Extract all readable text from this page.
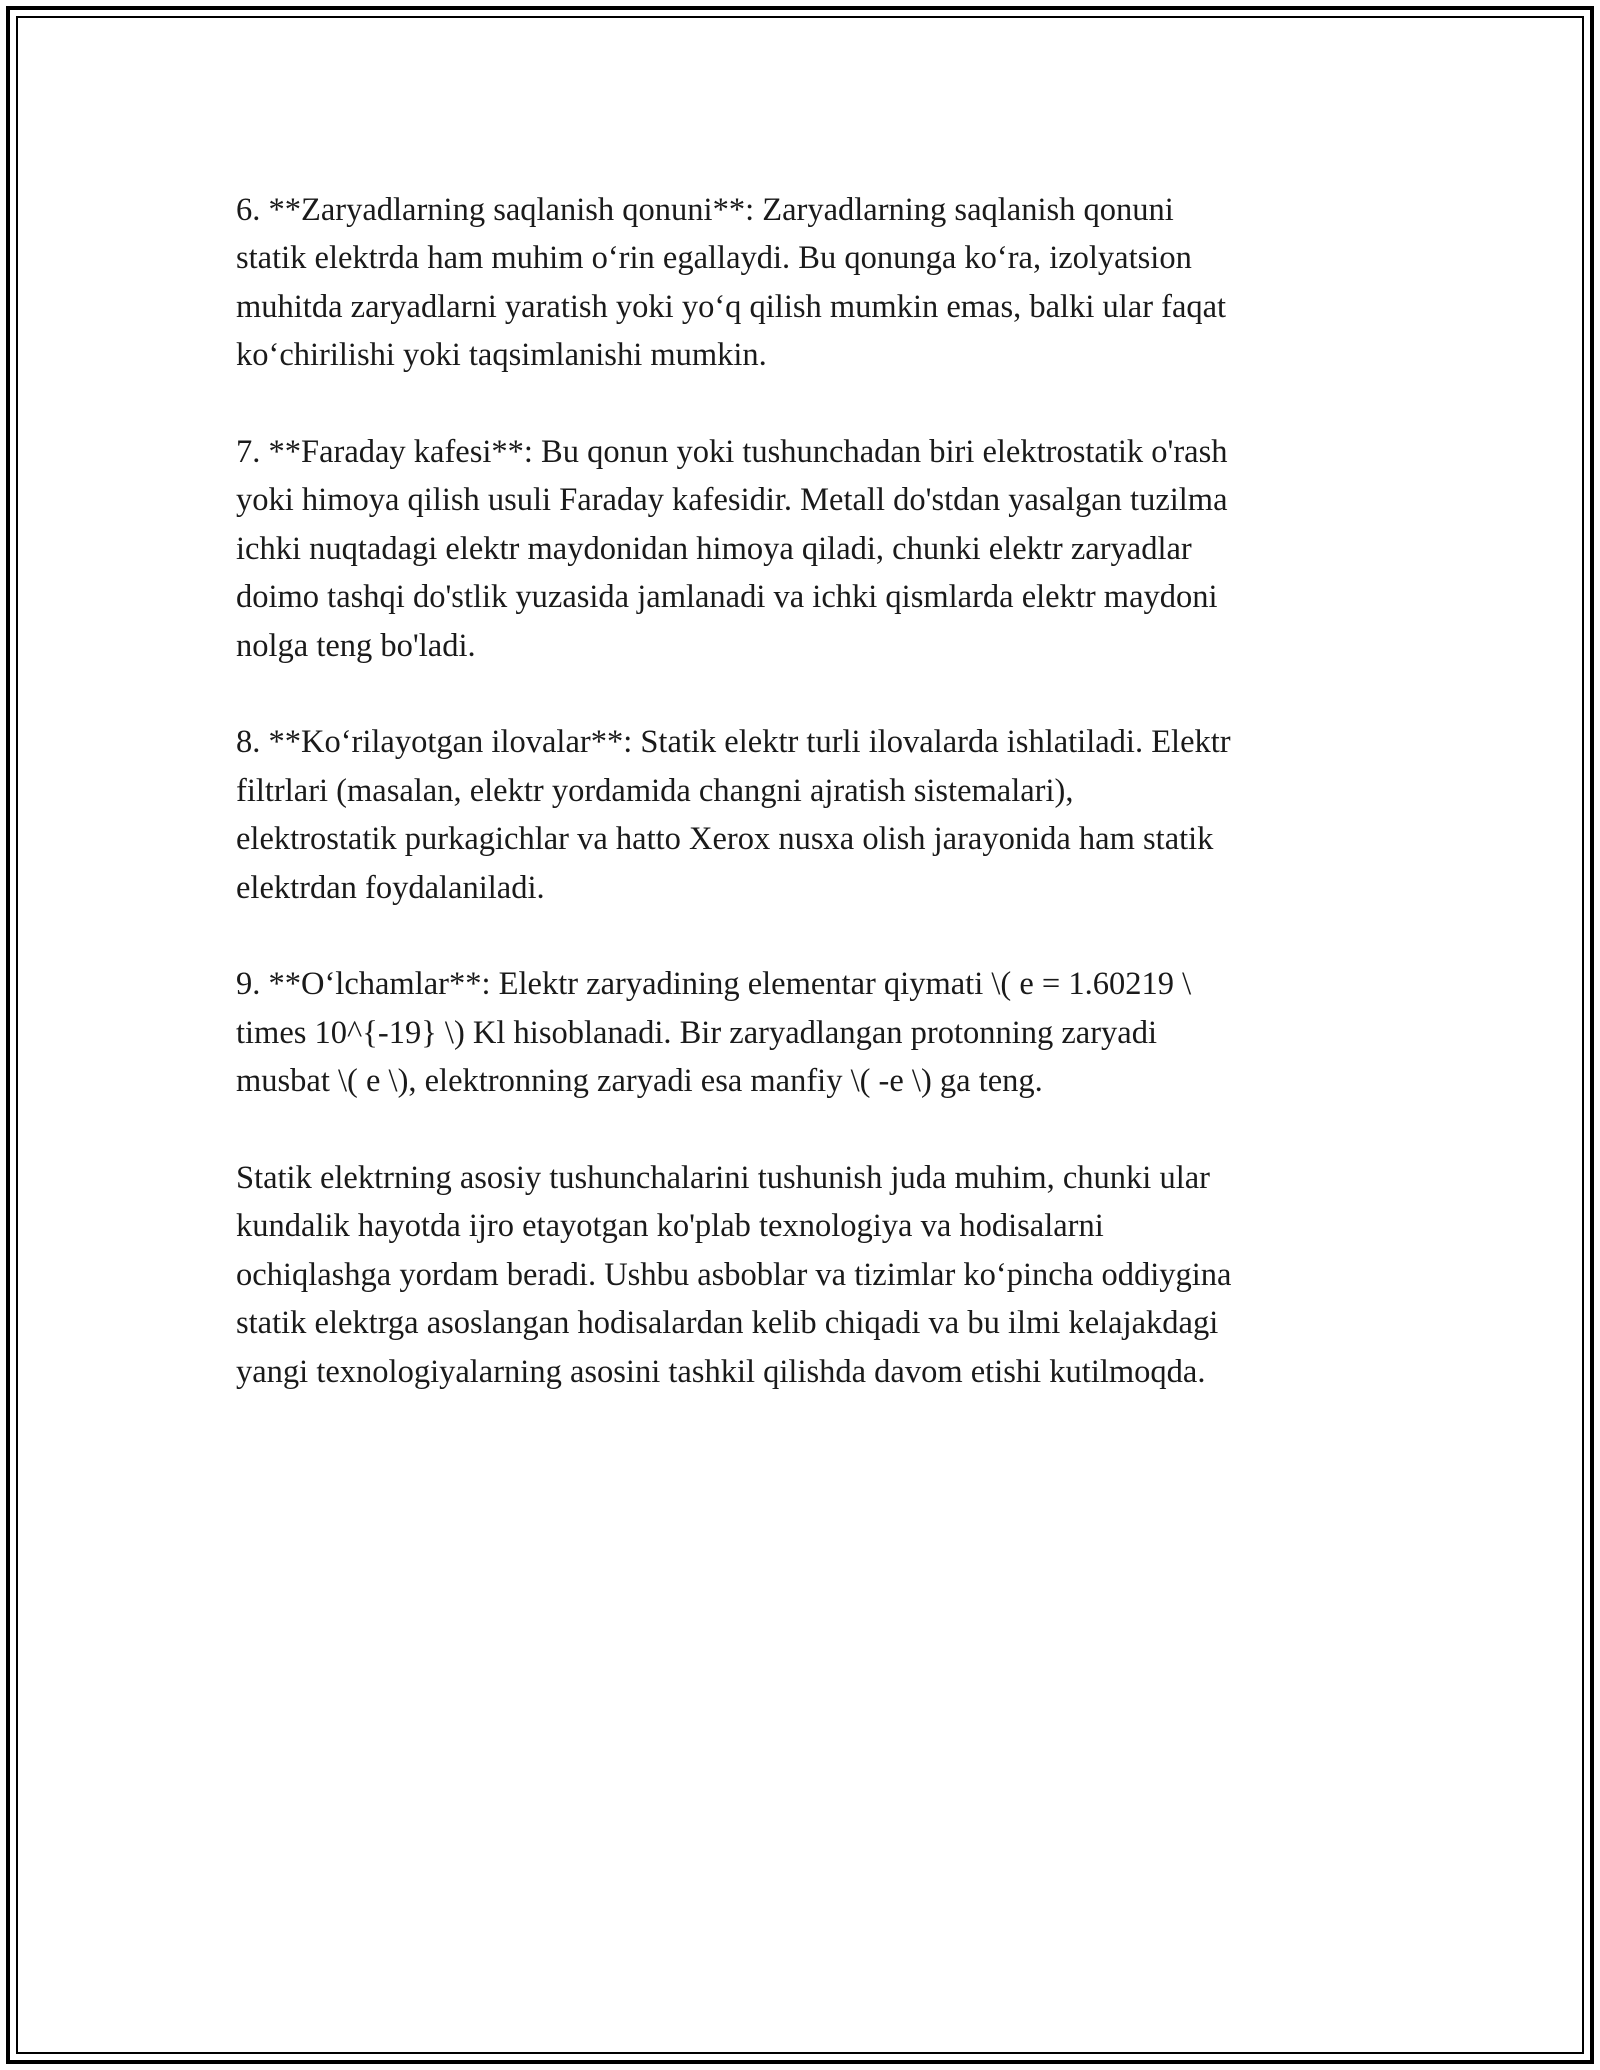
6. **Zaryadlarning saqlanish qonuni**: Zaryadlarning saqlanish qonuni
statik elektrda ham muhim o‘rin egallaydi. Bu qonunga ko‘ra, izolyatsion
muhitda zaryadlarni yaratish yoki yo‘q qilish mumkin emas, balki ular faqat
ko‘chirilishi yoki taqsimlanishi mumkin.

7. **Faraday kafesi**: Bu qonun yoki tushunchadan biri elektrostatik o'rash
yoki himoya qilish usuli Faraday kafesidir. Metall do'stdan yasalgan tuzilma
ichki nuqtadagi elektr maydonidan himoya qiladi, chunki elektr zaryadlar
doimo tashqi do'stlik yuzasida jamlanadi va ichki qismlarda elektr maydoni
nolga teng bo'ladi.

8. **Ko‘rilayotgan ilovalar**: Statik elektr turli ilovalarda ishlatiladi. Elektr
filtrlari (masalan, elektr yordamida changni ajratish sistemalari),
elektrostatik purkagichlar va hatto Xerox nusxa olish jarayonida ham statik
elektrdan foydalaniladi.

9. **O‘lchamlar**: Elektr zaryadining elementar qiymati \( e = 1.60219 \
times 10^{-19} \) Kl hisoblanadi. Bir zaryadlangan protonning zaryadi
musbat \( e \), elektronning zaryadi esa manfiy \( -e \) ga teng.

Statik elektrning asosiy tushunchalarini tushunish juda muhim, chunki ular
kundalik hayotda ijro etayotgan ko'plab texnologiya va hodisalarni
ochiqlashga yordam beradi. Ushbu asboblar va tizimlar ko‘pincha oddiygina
statik elektrga asoslangan hodisalardan kelib chiqadi va bu ilmi kelajakdagi
yangi texnologiyalarning asosini tashkil qilishda davom etishi kutilmoqda.
